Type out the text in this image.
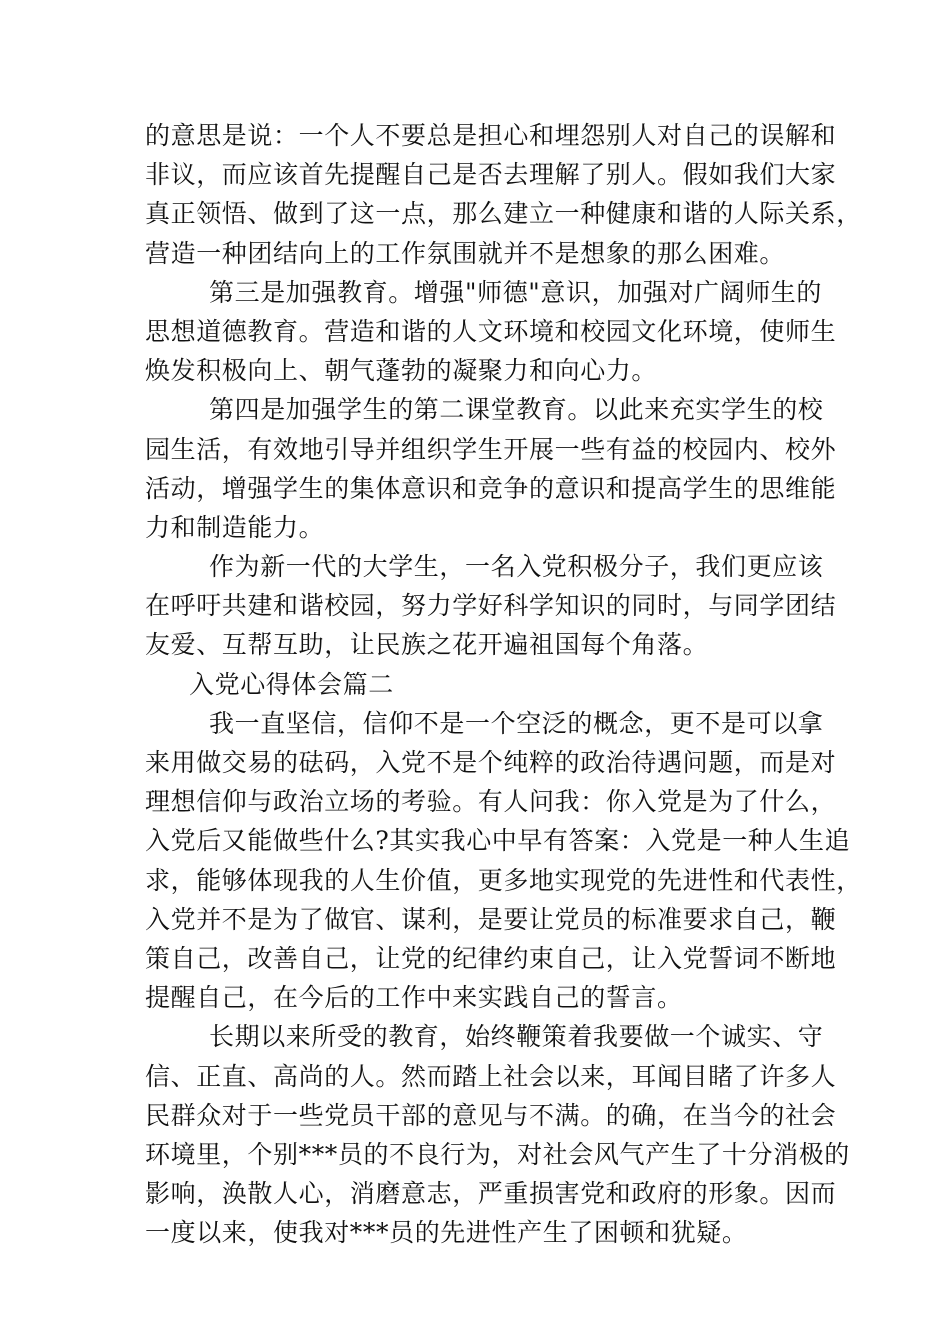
的意思是说：一个人不要总是担心和埋怨别人对自己的误解和
非议，而应该首先提醒自己是否去理解了别人。假如我们大家
真正领悟、做到了这一点，那么建立一种健康和谐的人际关系，
营造一种团结向上的工作氛围就并不是想象的那么困难。
第三是加强教育。增强"师德"意识，加强对广阔师生的
思想道德教育。营造和谐的人文环境和校园文化环境，使师生
焕发积极向上、朝气蓬勃的凝聚力和向心力。
第四是加强学生的第二课堂教育。以此来充实学生的校
园生活，有效地引导并组织学生开展一些有益的校园内、校外
活动，增强学生的集体意识和竞争的意识和提高学生的思维能
力和制造能力。
作为新一代的大学生，一名入党积极分子，我们更应该
在呼吁共建和谐校园，努力学好科学知识的同时，与同学团结
友爱、互帮互助，让民族之花开遍祖国每个角落。
入党心得体会篇二
我一直坚信，信仰不是一个空泛的概念，更不是可以拿
来用做交易的砝码，入党不是个纯粹的政治待遇问题，而是对
理想信仰与政治立场的考验。有人问我：你入党是为了什么，
入党后又能做些什么?其实我心中早有答案：入党是一种人生追
求，能够体现我的人生价值，更多地实现党的先进性和代表性，
入党并不是为了做官、谋利，是要让党员的标准要求自己，鞭
策自己，改善自己，让党的纪律约束自己，让入党誓词不断地
提醒自己，在今后的工作中来实践自己的誓言。
长期以来所受的教育，始终鞭策着我要做一个诚实、守
信、正直、高尚的人。然而踏上社会以来，耳闻目睹了许多人
民群众对于一些党员干部的意见与不满。的确，在当今的社会
环境里，个别***员的不良行为，对社会风气产生了十分消极的
影响，涣散人心，消磨意志，严重损害党和政府的形象。因而
一度以来，使我对***员的先进性产生了困顿和犹疑。
